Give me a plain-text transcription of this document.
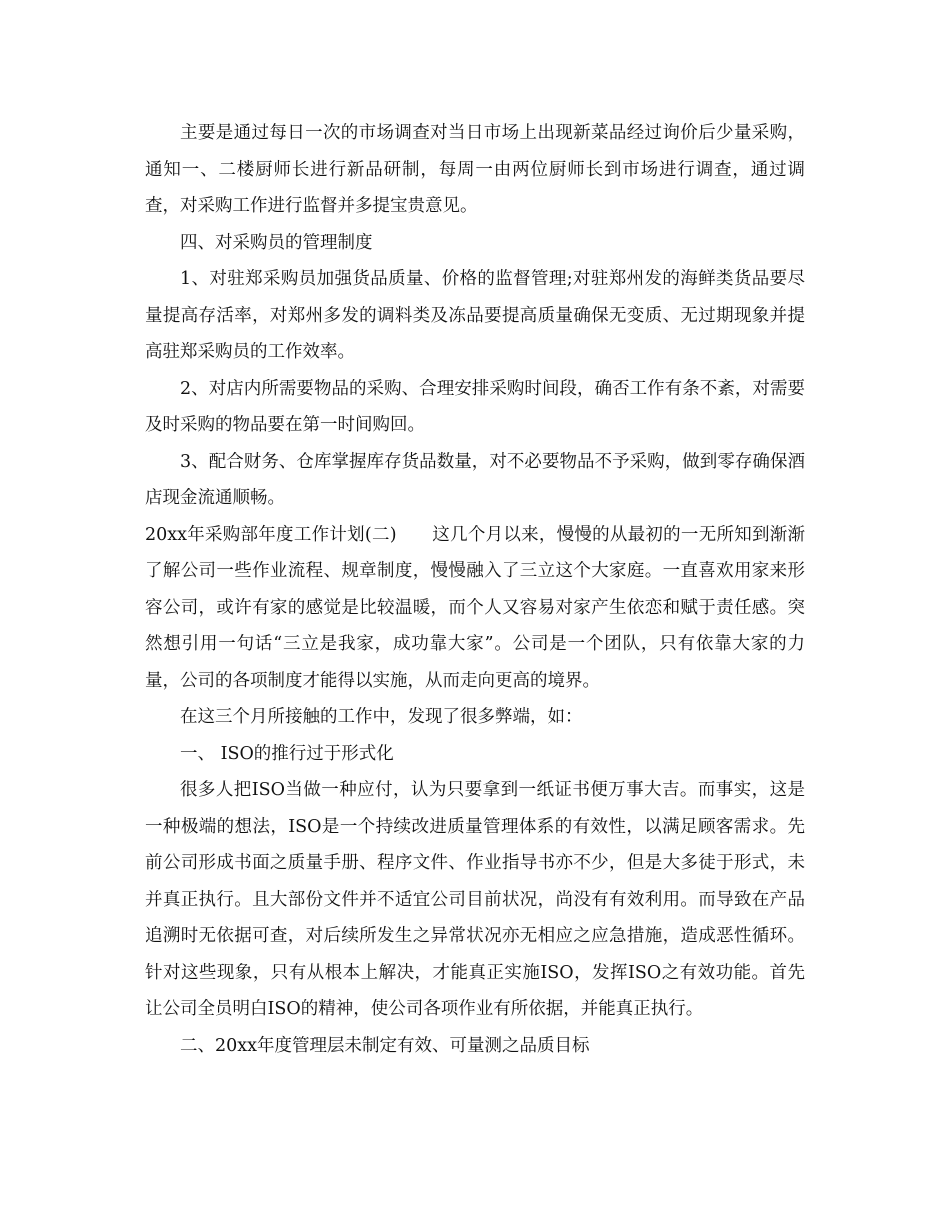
主要是通过每日一次的市场调查对当日市场上出现新菜品经过询价后少量采购，通知一、二楼厨师长进行新品研制，每周一由两位厨师长到市场进行调查，通过调查，对采购工作进行监督并多提宝贵意见。

四、对采购员的管理制度

1、对驻郑采购员加强货品质量、价格的监督管理;对驻郑州发的海鲜类货品要尽量提高存活率，对郑州多发的调料类及冻品要提高质量确保无变质、无过期现象并提高驻郑采购员的工作效率。

2、对店内所需要物品的采购、合理安排采购时间段，确否工作有条不紊，对需要及时采购的物品要在第一时间购回。

3、配合财务、仓库掌握库存货品数量，对不必要物品不予采购，做到零存确保酒店现金流通顺畅。

20xx年采购部年度工作计划(二)　　这几个月以来，慢慢的从最初的一无所知到渐渐了解公司一些作业流程、规章制度，慢慢融入了三立这个大家庭。一直喜欢用家来形容公司，或许有家的感觉是比较温暖，而个人又容易对家产生依恋和赋于责任感。突然想引用一句话“三立是我家，成功靠大家”。公司是一个团队，只有依靠大家的力量，公司的各项制度才能得以实施，从而走向更高的境界。

在这三个月所接触的工作中，发现了很多弊端，如：

一、 ISO的推行过于形式化

很多人把ISO当做一种应付，认为只要拿到一纸证书便万事大吉。而事实，这是一种极端的想法，ISO是一个持续改进质量管理体系的有效性，以满足顾客需求。先前公司形成书面之质量手册、程序文件、作业指导书亦不少，但是大多徒于形式，未并真正执行。且大部份文件并不适宜公司目前状况，尚没有有效利用。而导致在产品追溯时无依据可查，对后续所发生之异常状况亦无相应之应急措施，造成恶性循环。针对这些现象，只有从根本上解决，才能真正实施ISO，发挥ISO之有效功能。首先让公司全员明白ISO的精神，使公司各项作业有所依据，并能真正执行。

二、20xx年度管理层未制定有效、可量测之品质目标
